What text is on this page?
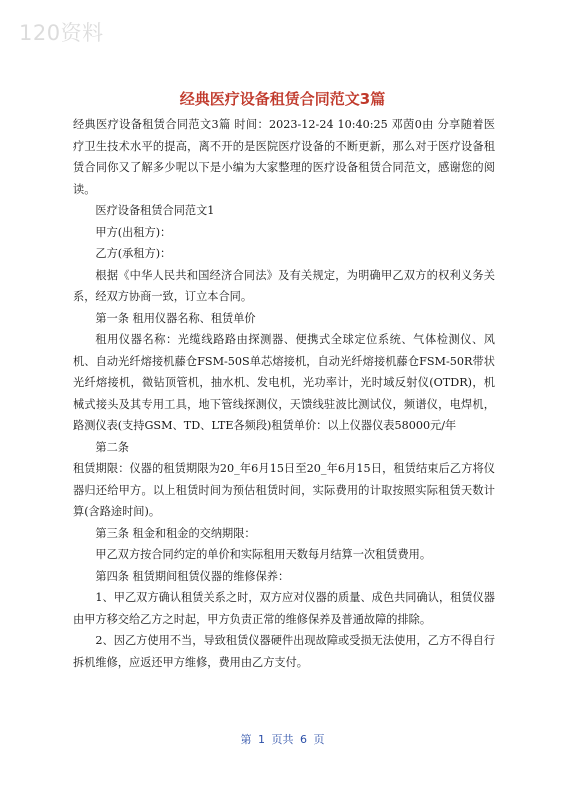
120资料
经典医疗设备租赁合同范文3篇

经典医疗设备租赁合同范文3篇 时间：2023-12-24 10:40:25 邓茵0由 分享随着医疗卫生技术水平的提高，离不开的是医院医疗设备的不断更新，那么对于医疗设备租赁合同你又了解多少呢以下是小编为大家整理的医疗设备租赁合同范文，感谢您的阅读。

医疗设备租赁合同范文1

甲方(出租方)：

乙方(承租方)：

根据《中华人民共和国经济合同法》及有关规定，为明确甲乙双方的权利义务关系，经双方协商一致，订立本合同。

第一条 租用仪器名称、租赁单价

租用仪器名称：光缆线路路由探测器、便携式全球定位系统、气体检测仪、风机、自动光纤熔接机藤仓FSM-50S单芯熔接机，自动光纤熔接机藤仓FSM-50R带状光纤熔接机，微钻顶管机，抽水机、发电机，光功率计，光时域反射仪(OTDR)，机械式接头及其专用工具，地下管线探测仪，天馈线驻波比测试仪，频谱仪，电焊机，路测仪表(支持GSM、TD、LTE各频段)租赁单价：以上仪器仪表58000元/年

第二条

租赁期限：仪器的租赁期限为20_年6月15日至20_年6月15日，租赁结束后乙方将仪器归还给甲方。以上租赁时间为预估租赁时间，实际费用的计取按照实际租赁天数计算(含路途时间)。

第三条 租金和租金的交纳期限：

甲乙双方按合同约定的单价和实际租用天数每月结算一次租赁费用。

第四条 租赁期间租赁仪器的维修保养：

1、甲乙双方确认租赁关系之时，双方应对仪器的质量、成色共同确认，租赁仪器由甲方移交给乙方之时起，甲方负责正常的维修保养及普通故障的排除。

2、因乙方使用不当，导致租赁仪器硬件出现故障或受损无法使用，乙方不得自行拆机维修，应返还甲方维修，费用由乙方支付。

第 1 页共 6 页
